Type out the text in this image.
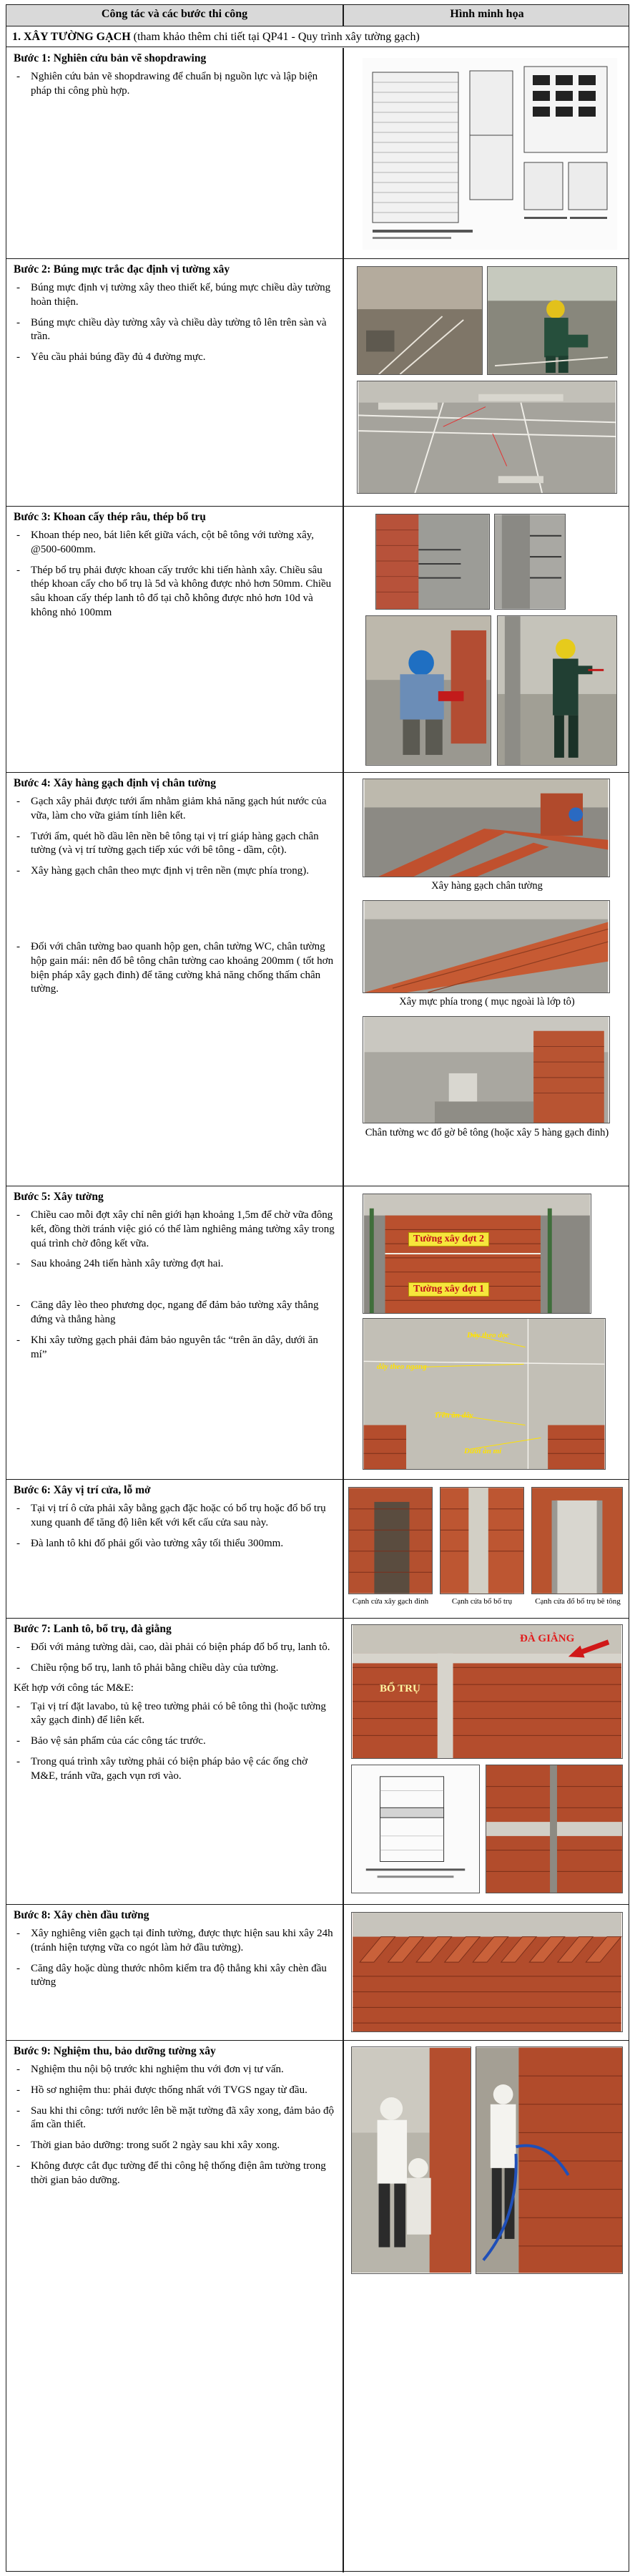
Công tác và các bước thi công	Hình minh họa
1. XÂY TƯỜNG GẠCH (tham khảo thêm chi tiết tại QP41 - Quy trình xây tường gạch)
Bước 1: Nghiên cứu bản vẽ shopdrawing
- Nghiên cứu bản vẽ shopdrawing để chuẩn bị nguồn lực và lập biện pháp thi công phù hợp.
Bước 2: Búng mực trắc đạc định vị tường xây
- Búng mực định vị tường xây theo thiết kế, búng mực chiều dày tường hoàn thiện.
- Búng mực chiều dày tường xây và chiều dày tường tô lên trên sàn và trần.
- Yêu cầu phải búng đầy đủ 4 đường mực.
Bước 3: Khoan cấy thép râu, thép bổ trụ
- Khoan thép neo, bát liên kết giữa vách, cột bê tông với tường xây, @500-600mm.
- Thép bổ trụ phải được khoan cấy trước khi tiến hành xây. Chiều sâu thép khoan cấy cho bổ trụ là 5d và không được nhỏ hơn 50mm. Chiều sâu khoan cấy thép lanh tô đổ tại chỗ không được nhỏ hơn 10d và không nhỏ 100mm
Bước 4: Xây hàng gạch định vị chân tường
- Gạch xây phải được tưới ẩm nhằm giảm khả năng gạch hút nước của vữa, làm cho vữa giảm tính liên kết.
- Tưới ẩm, quét hồ dầu lên nền bê tông tại vị trí giáp hàng gạch chân tường (và vị trí tường gạch tiếp xúc với bê tông - dầm, cột).
- Xây hàng gạch chân theo mực định vị trên nền (mực phía trong).
- Đối với chân tường bao quanh hộp gen, chân tường WC, chân tường hộp gain mái: nên đổ bê tông chân tường cao khoảng 200mm ( tốt hơn biện pháp xây gạch đinh) để tăng cường khả năng chống thấm chân tường.
Xây hàng gạch chân tường
Xây mực phía trong ( mục ngoài là lớp tô)
Chân tường wc đổ gờ bê tông (hoặc xây 5 hàng gạch đinh)
Bước 5: Xây tường
- Chiều cao mỗi đợt xây chỉ nên giới hạn khoảng 1,5m để chờ vữa đông kết, đồng thời tránh việc gió có thể làm nghiêng mảng tường xây trong quá trình chờ đông kết vữa.
- Sau khoảng 24h tiến hành xây tường đợt hai.
- Căng dây lèo theo phương dọc, ngang để đảm bảo tường xây thẳng đứng và thẳng hàng
- Khi xây tường gạch phải đảm bảo nguyên tắc “trên ăn dây, dưới ăn mí”
Tường xây đợt 2
Tường xây đợt 1
Dây theo dọc
dây theo ngang
Trên ăn dây
Dưới ăn mí
Bước 6: Xây vị trí cửa, lỗ mở
- Tại vị trí ô cửa phải xây bằng gạch đặc hoặc có bổ trụ hoặc đổ bổ trụ xung quanh để tăng độ liên kết với kết cấu cửa sau này.
- Đà lanh tô khi đổ phải gối vào tường xây tối thiểu 300mm.
Cạnh cửa xây gạch đinh	Cạnh cửa bổ bổ trụ	Cạnh cửa đổ bổ trụ bê tông
Bước 7: Lanh tô, bổ trụ, đà giằng
- Đối với mảng tường dài, cao, dài phải có biện pháp đổ bổ trụ, lanh tô.
- Chiều rộng bổ trụ, lanh tô phải bằng chiều dày của tường.
Kết hợp với công tác M&E:
- Tại vị trí đặt lavabo, tủ kệ treo tường phải có bê tông thì (hoặc tường xây gạch đinh) để liên kết.
- Bảo vệ sản phẩm của các công tác trước.
- Trong quá trình xây tường phải có biện pháp bảo vệ các ống chờ M&E, tránh vữa, gạch vụn rơi vào.
ĐÀ GIẰNG
BỔ TRỤ
Bước 8: Xây chèn đầu tường
- Xây nghiêng viên gạch tại đỉnh tường, được thực hiện sau khi xây 24h (tránh hiện tượng vữa co ngót làm hở đầu tường).
- Căng dây hoặc dùng thước nhôm kiểm tra độ thẳng khi xây chèn đầu tường
Bước 9: Nghiệm thu, bảo dưỡng tường xây
- Nghiệm thu nội bộ trước khi nghiệm thu với đơn vị tư vấn.
- Hồ sơ nghiệm thu: phải được thống nhất với TVGS ngay từ đầu.
- Sau khi thi công: tưới nước lên bề mặt tường đã xây xong, đảm bảo độ ẩm cần thiết.
- Thời gian bảo dưỡng: trong suốt 2 ngày sau khi xây xong.
- Không được cắt đục tường để thi công hệ thống điện âm tường trong thời gian bảo dưỡng.
